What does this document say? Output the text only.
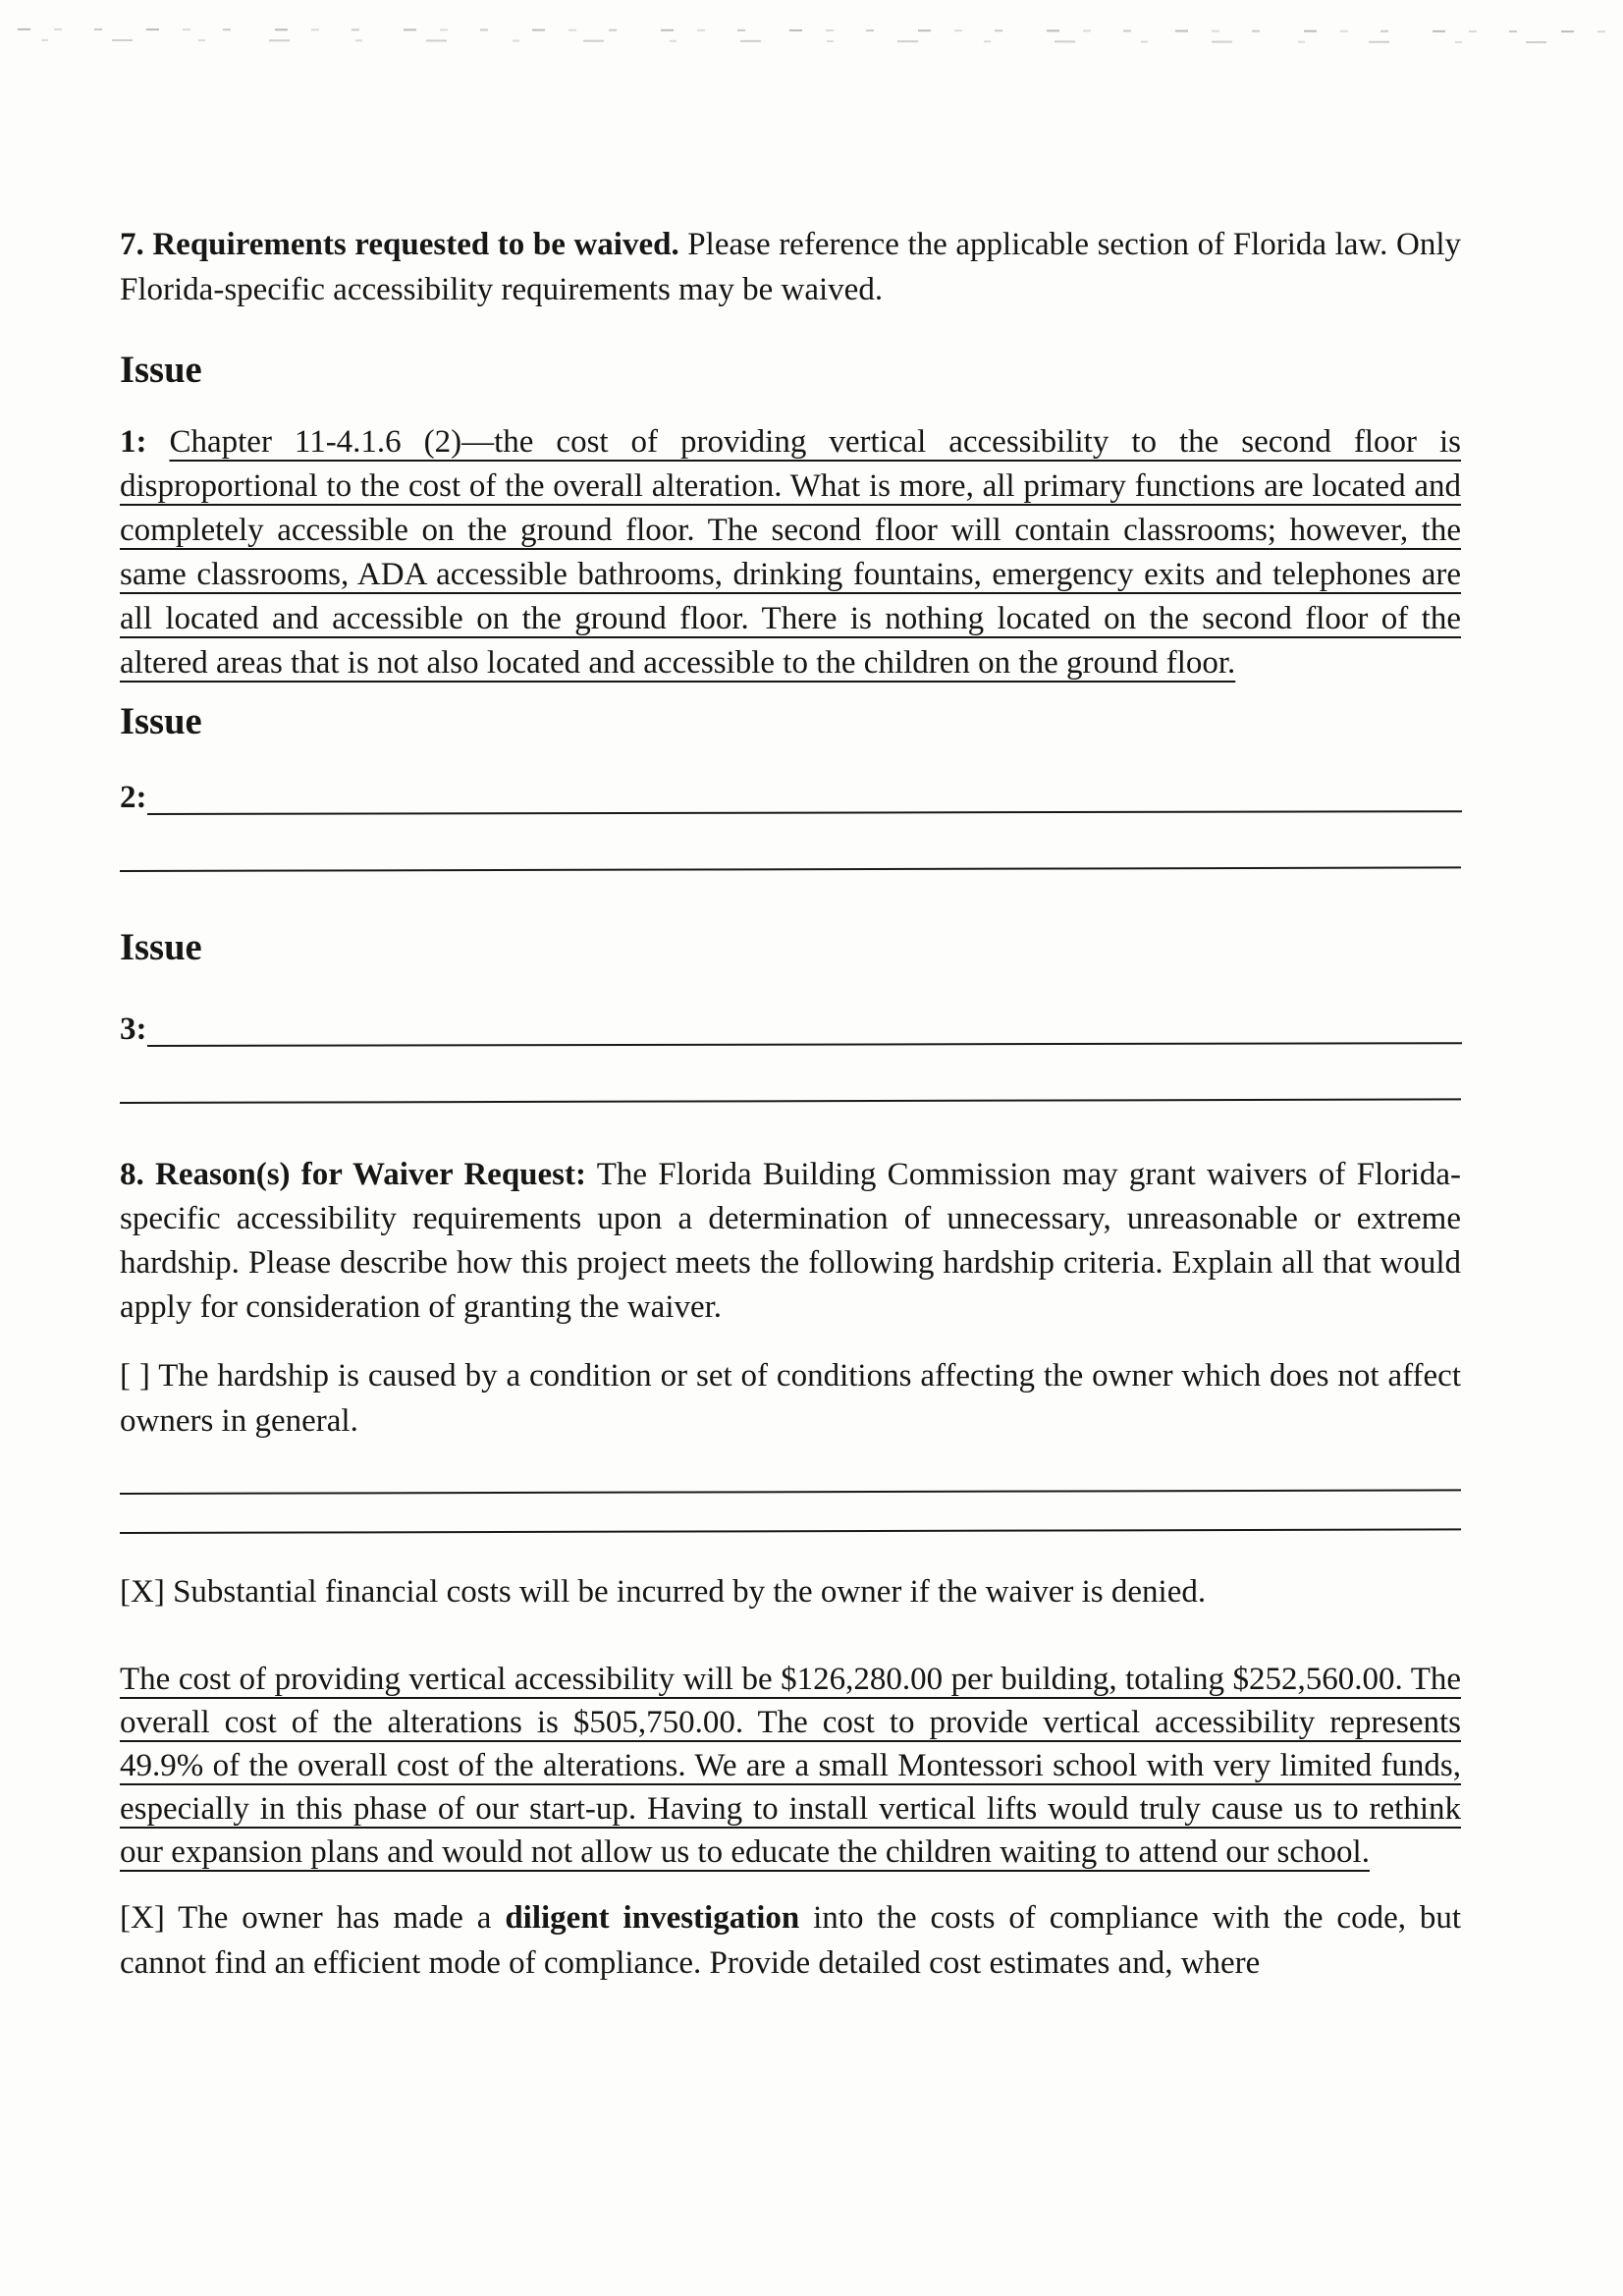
7. Requirements requested to be waived. Please reference the applicable section of Florida law. Only Florida-specific accessibility requirements may be waived.

Issue

1: Chapter 11-4.1.6 (2)—the cost of providing vertical accessibility to the second floor is disproportional to the cost of the overall alteration. What is more, all primary functions are located and completely accessible on the ground floor. The second floor will contain classrooms; however, the same classrooms, ADA accessible bathrooms, drinking fountains, emergency exits and telephones are all located and accessible on the ground floor. There is nothing located on the second floor of the altered areas that is not also located and accessible to the children on the ground floor.

Issue
2:
Issue
3:

8. Reason(s) for Waiver Request: The Florida Building Commission may grant waivers of Florida-specific accessibility requirements upon a determination of unnecessary, unreasonable or extreme hardship. Please describe how this project meets the following hardship criteria. Explain all that would apply for consideration of granting the waiver.

[ ] The hardship is caused by a condition or set of conditions affecting the owner which does not affect owners in general.

[X] Substantial financial costs will be incurred by the owner if the waiver is denied.

The cost of providing vertical accessibility will be $126,280.00 per building, totaling $252,560.00. The overall cost of the alterations is $505,750.00. The cost to provide vertical accessibility represents 49.9% of the overall cost of the alterations. We are a small Montessori school with very limited funds, especially in this phase of our start-up. Having to install vertical lifts would truly cause us to rethink our expansion plans and would not allow us to educate the children waiting to attend our school.

[X] The owner has made a diligent investigation into the costs of compliance with the code, but cannot find an efficient mode of compliance. Provide detailed cost estimates and, where
